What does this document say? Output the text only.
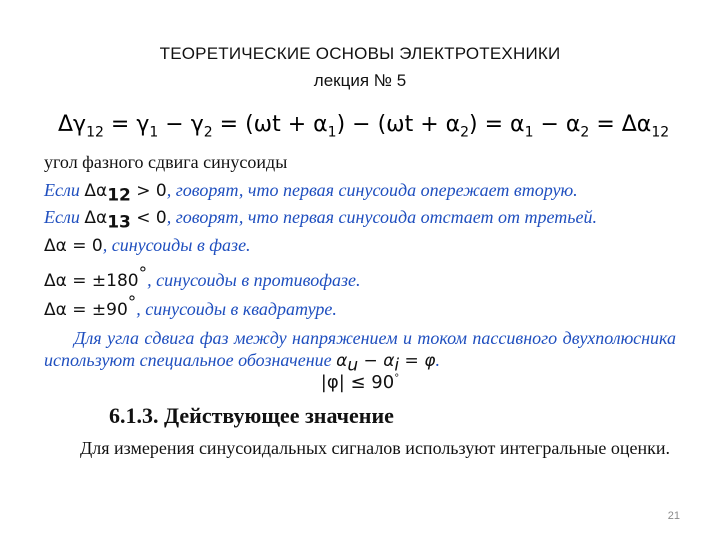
ТЕОРЕТИЧЕСКИЕ ОСНОВЫ ЭЛЕКТРОТЕХНИКИ
лекция № 5
$\Delta\gamma_{12} = \gamma_1 - \gamma_2 = (\omega t + \alpha_1) - (\omega t + \alpha_2) = \alpha_1 - \alpha_2 = \Delta\alpha_{12}$
угол фазного сдвига синусоиды
Если $\Delta\alpha_{12} > 0$, говорят, что первая синусоида опережает вторую.
Если $\Delta\alpha_{13} < 0$, говорят, что первая синусоида отстает от третьей.
Δα = 0, синусоиды в фазе.
Δα = ±180°, синусоиды в противофазе.
Δα = ±90°, синусоиды в квадратуре.
Для угла сдвига фаз между напряжением и током пассивного двухполюсника используют специальное обозначение $\alpha_u - \alpha_i = \varphi$.
|φ| ≤ 90°
6.1.3. Действующее значение
Для измерения синусоидальных сигналов используют интегральные оценки.
21
